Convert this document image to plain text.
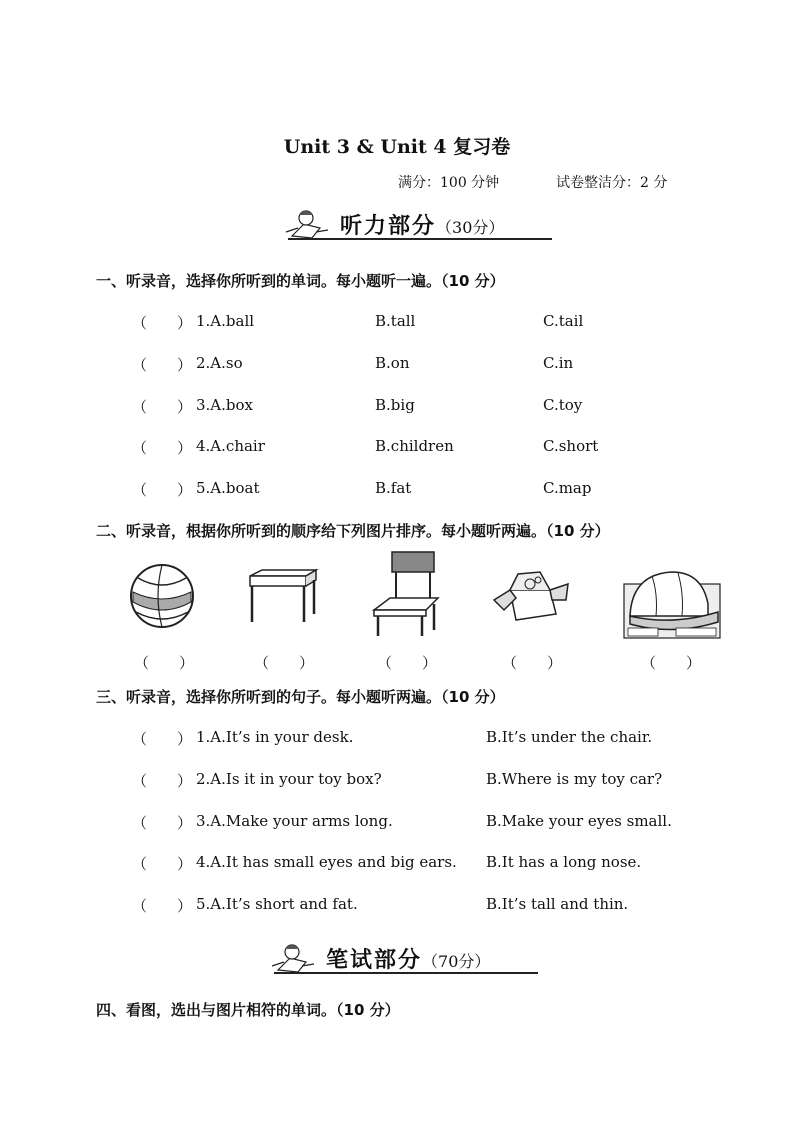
Unit 3 & Unit 4 复习卷
满分：100 分钟	试卷整洁分：2 分
听力部分（30分）
一、听录音，选择你所听到的单词。每小题听一遍。（10 分）
（　　） 1.A.ball	B.tall	C.tail
（　　） 2.A.so	B.on	C.in
（　　） 3.A.box	B.big	C.toy
（　　） 4.A.chair	B.children	C.short
（　　） 5.A.boat	B.fat	C.map
二、听录音，根据你所听到的顺序给下列图片排序。每小题听两遍。（10 分）
（　　）	（　　）	（　　）	（　　）	（　　）
三、听录音，选择你所听到的句子。每小题听两遍。（10 分）
（　　） 1.A.It’s in your desk.	B.It’s under the chair.
（　　） 2.A.Is it in your toy box?	B.Where is my toy car?
（　　） 3.A.Make your arms long.	B.Make your eyes small.
（　　） 4.A.It has small eyes and big ears. B.It has a long nose.
（　　） 5.A.It’s short and fat.	B.It’s tall and thin.
笔试部分（70分）
四、看图，选出与图片相符的单词。（10 分）
